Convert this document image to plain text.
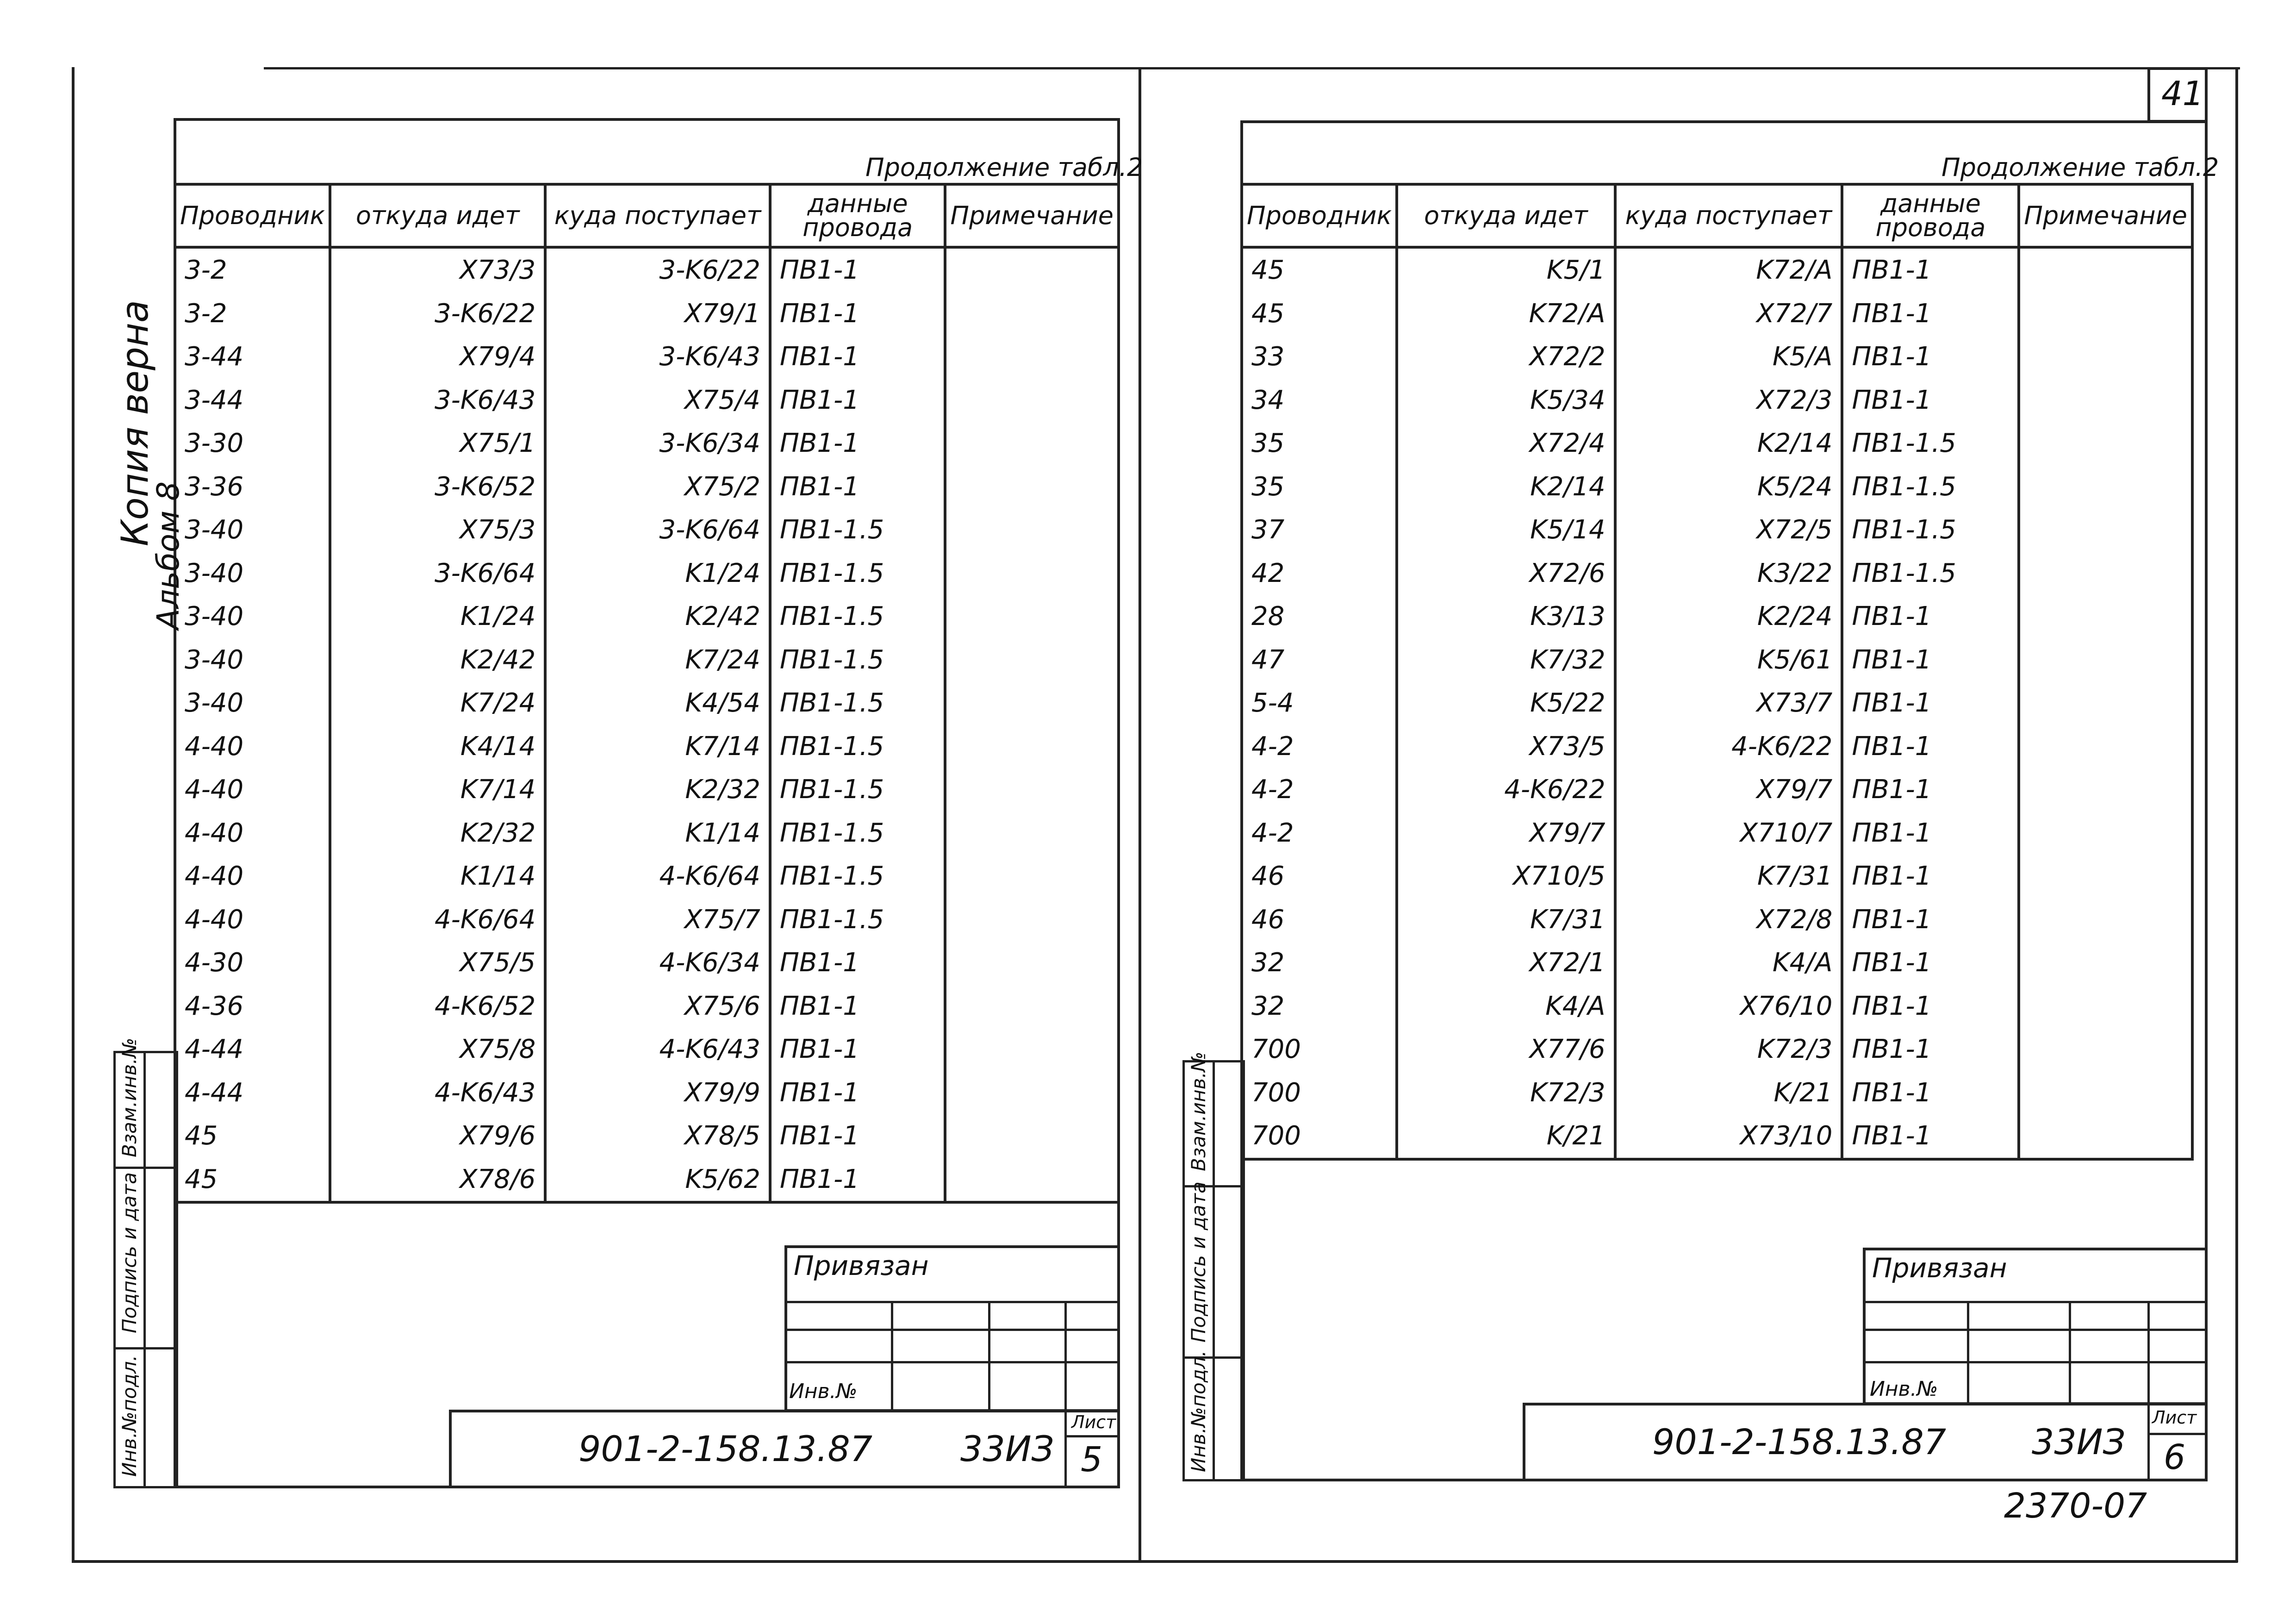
Продолжение табл.2
Проводник	откуда идет	куда поступает	данные провода	Примечание
3-2	X73/3	3-K6/22	ПВ1-1	
3-2	3-K6/22	X79/1	ПВ1-1	
3-44	X79/4	3-K6/43	ПВ1-1	
3-44	3-K6/43	X75/4	ПВ1-1	
3-30	X75/1	3-K6/34	ПВ1-1	
3-36	3-K6/52	X75/2	ПВ1-1	
3-40	X75/3	3-K6/64	ПВ1-1.5	
3-40	3-K6/64	K1/24	ПВ1-1.5	
3-40	K1/24	K2/42	ПВ1-1.5	
3-40	K2/42	K7/24	ПВ1-1.5	
3-40	K7/24	K4/54	ПВ1-1.5	
4-40	K4/14	K7/14	ПВ1-1.5	
4-40	K7/14	K2/32	ПВ1-1.5	
4-40	K2/32	K1/14	ПВ1-1.5	
4-40	K1/14	4-K6/64	ПВ1-1.5	
4-40	4-K6/64	X75/7	ПВ1-1.5	
4-30	X75/5	4-K6/34	ПВ1-1	
4-36	4-K6/52	X75/6	ПВ1-1	
4-44	X75/8	4-K6/43	ПВ1-1	
4-44	4-K6/43	X79/9	ПВ1-1	
45	X79/6	X78/5	ПВ1-1	
45	X78/6	K5/62	ПВ1-1	
Копия верна
Альбом 8
Инв.№подл.
Подпись и дата
Взам.инв.№
Привязан
Инв.№
901-2-158.13.87 33ИЗ
Лист
5
41
Продолжение табл.2
Проводник	откуда идет	куда поступает	данные провода	Примечание
45	K5/1	K72/A	ПВ1-1	
45	K72/A	X72/7	ПВ1-1	
33	X72/2	K5/A	ПВ1-1	
34	K5/34	X72/3	ПВ1-1	
35	X72/4	K2/14	ПВ1-1.5	
35	K2/14	K5/24	ПВ1-1.5	
37	K5/14	X72/5	ПВ1-1.5	
42	X72/6	K3/22	ПВ1-1.5	
28	K3/13	K2/24	ПВ1-1	
47	K7/32	K5/61	ПВ1-1	
5-4	K5/22	X73/7	ПВ1-1	
4-2	X73/5	4-K6/22	ПВ1-1	
4-2	4-K6/22	X79/7	ПВ1-1	
4-2	X79/7	X710/7	ПВ1-1	
46	X710/5	K7/31	ПВ1-1	
46	K7/31	X72/8	ПВ1-1	
32	X72/1	K4/A	ПВ1-1	
32	K4/A	X76/10	ПВ1-1	
700	X77/6	K72/3	ПВ1-1	
700	K72/3	K/21	ПВ1-1	
700	K/21	X73/10	ПВ1-1	
Инв.№подл.
Подпись и дата
Взам.инв.№
Привязан
Инв.№
901-2-158.13.87 33ИЗ
Лист
6
2370-07
